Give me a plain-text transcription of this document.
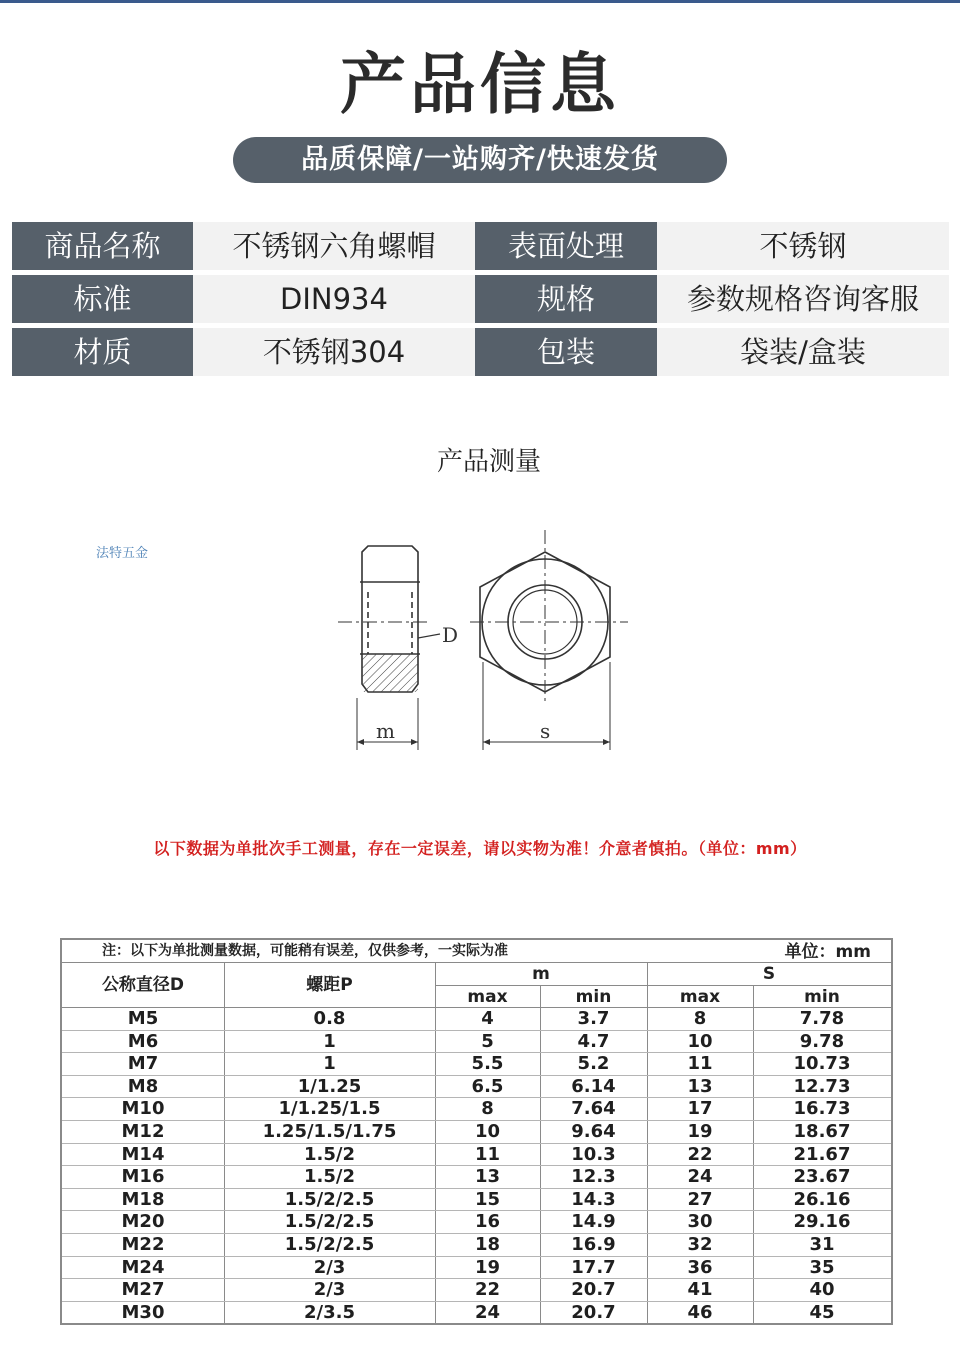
产品信息
品质保障/一站购齐/快速发货
商品名称	不锈钢六角螺帽	表面处理	不锈钢
标准	DIN934	规格	参数规格咨询客服
材质	不锈钢304	包装	袋装/盒装
产品测量
法特五金
D
m	s
以下数据为单批次手工测量，存在一定误差，请以实物为准！介意者慎拍。（单位：mm）
注：以下为单批测量数据，可能稍有误差，仅供参考，一实际为准	单位：mm
公称直径D	螺距P
m	S
max	min	max	min
M5	0.8	4	3.7	8	7.78
M6	1	5	4.7	10	9.78
M7	1	5.5	5.2	11	10.73
M8	1/1.25	6.5	6.14	13	12.73
M10	1/1.25/1.5	8	7.64	17	16.73
M12	1.25/1.5/1.75	10	9.64	19	18.67
M14	1.5/2	11	10.3	22	21.67
M16	1.5/2	13	12.3	24	23.67
M18	1.5/2/2.5	15	14.3	27	26.16
M20	1.5/2/2.5	16	14.9	30	29.16
M22	1.5/2/2.5	18	16.9	32	31
M24	2/3	19	17.7	36	35
M27	2/3	22	20.7	41	40
M30	2/3.5	24	20.7	46	45
